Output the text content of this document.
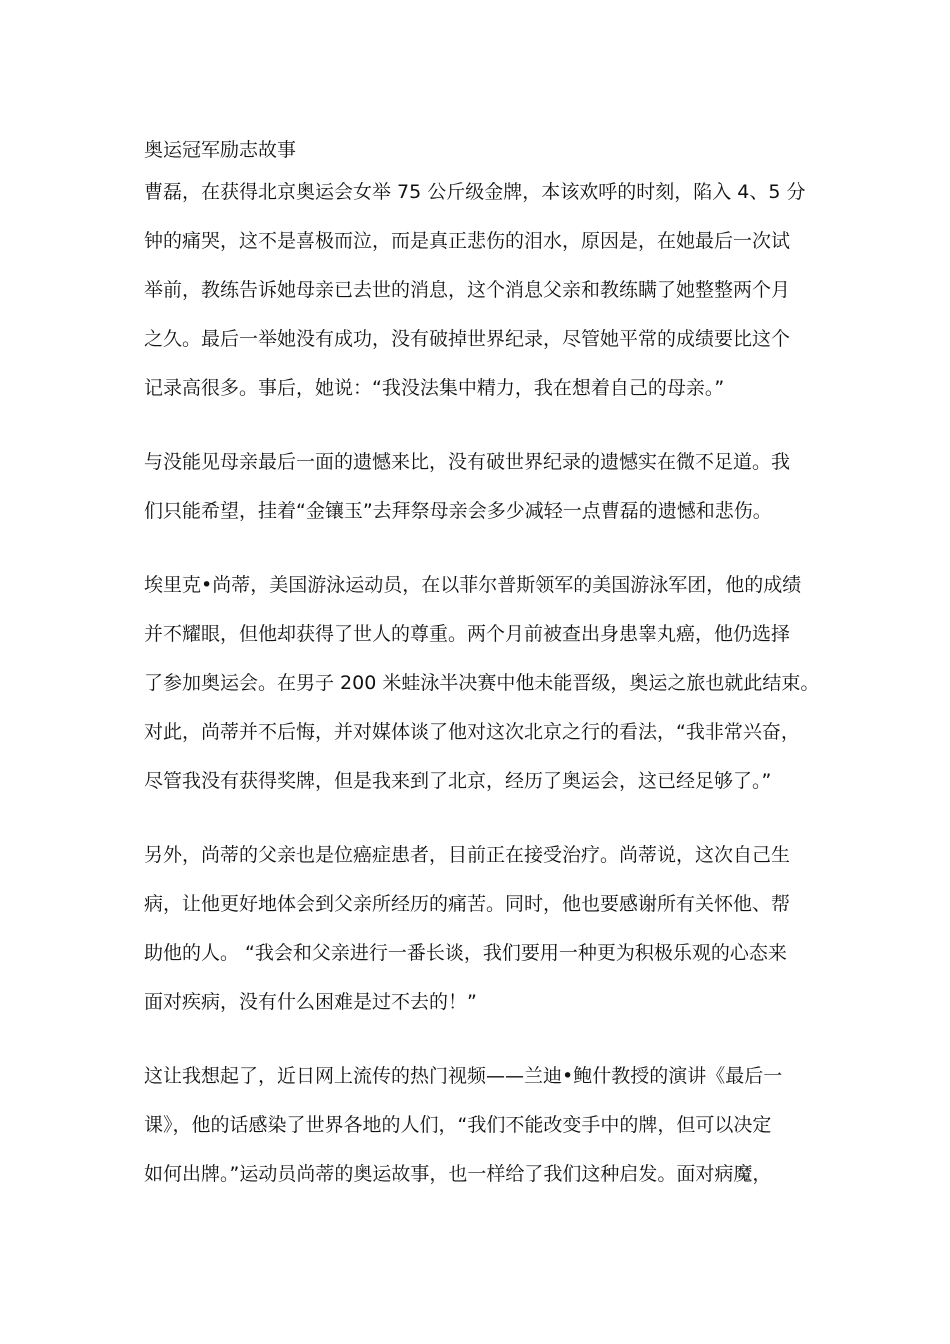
奥运冠军励志故事
曹磊，在获得北京奥运会女举 75 公斤级金牌，本该欢呼的时刻，陷入 4、5 分
钟的痛哭，这不是喜极而泣，而是真正悲伤的泪水，原因是，在她最后一次试
举前，教练告诉她母亲已去世的消息，这个消息父亲和教练瞒了她整整两个月
之久。最后一举她没有成功，没有破掉世界纪录，尽管她平常的成绩要比这个
记录高很多。事后，她说：“我没法集中精力，我在想着自己的母亲。”
与没能见母亲最后一面的遗憾来比，没有破世界纪录的遗憾实在微不足道。我
们只能希望，挂着“金镶玉”去拜祭母亲会多少减轻一点曹磊的遗憾和悲伤。
埃里克•尚蒂，美国游泳运动员，在以菲尔普斯领军的美国游泳军团，他的成绩
并不耀眼，但他却获得了世人的尊重。两个月前被查出身患睾丸癌，他仍选择
了参加奥运会。在男子 200 米蛙泳半决赛中他未能晋级，奥运之旅也就此结束。
对此，尚蒂并不后悔，并对媒体谈了他对这次北京之行的看法，“我非常兴奋，
尽管我没有获得奖牌，但是我来到了北京，经历了奥运会，这已经足够了。”
另外，尚蒂的父亲也是位癌症患者，目前正在接受治疗。尚蒂说，这次自己生
病，让他更好地体会到父亲所经历的痛苦。同时，他也要感谢所有关怀他、帮
助他的人。 “我会和父亲进行一番长谈，我们要用一种更为积极乐观的心态来
面对疾病，没有什么困难是过不去的！”
这让我想起了，近日网上流传的热门视频——兰迪•鲍什教授的演讲《最后一
课》，他的话感染了世界各地的人们，“我们不能改变手中的牌，但可以决定
如何出牌。”运动员尚蒂的奥运故事，也一样给了我们这种启发。面对病魔，
